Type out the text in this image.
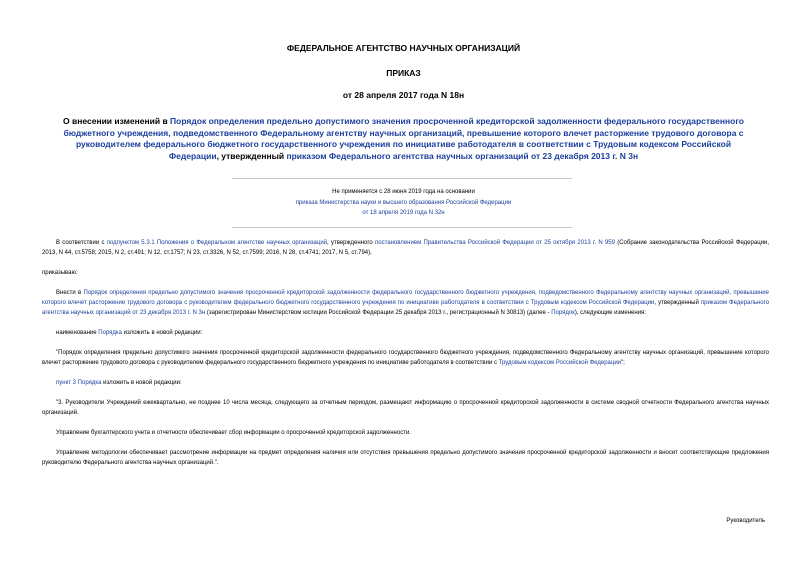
ФЕДЕРАЛЬНОЕ АГЕНТСТВО НАУЧНЫХ ОРГАНИЗАЦИЙ
ПРИКАЗ
от 28 апреля 2017 года N 18н
О внесении изменений в Порядок определения предельно допустимого значения просроченной кредиторской задолженности федерального государственного бюджетного учреждения, подведомственного Федеральному агентству научных организаций, превышение которого влечет расторжение трудового договора с руководителем федерального бюджетного государственного учреждения по инициативе работодателя в соответствии с Трудовым кодексом Российской Федерации, утвержденный приказом Федерального агентства научных организаций от 23 декабря 2013 г. N 3н
Не применяется с 28 июня 2019 года на основании
приказа Министерства науки и высшего образования Российской Федерации
от 18 апреля 2019 года N 32н

В соответствии с подпунктом 5.3.1 Положения о Федеральном агентстве научных организаций, утвержденного постановлением Правительства Российской Федерации от 25 октября 2013 г. N 959 (Собрание законодательства Российской Федерации, 2013, N 44, ст.5758; 2015, N 2, ст.491; N 12, ст.1757; N 23, ст.3326, N 52, ст.7599; 2016, N 28, ст.4741; 2017, N 5, ст.794),

приказываю:

Внести в Порядок определения предельно допустимого значения просроченной кредиторской задолженности федерального государственного бюджетного учреждения, подведомственного Федеральному агентству научных организаций, превышение которого влечет расторжение трудового договора с руководителем федерального бюджетного государственного учреждения по инициативе работодателя в соответствии с Трудовым кодексом Российской Федерации, утвержденный приказом Федерального агентства научных организаций от 23 декабря 2013 г. N 3н (зарегистрирован Министерством юстиции Российской Федерации 25 декабря 2013 г., регистрационный N 30813) (далее - Порядок), следующие изменения:

наименование Порядка изложить в новой редакции:

"Порядок определения предельно допустимого значения просроченной кредиторской задолженности федерального государственного бюджетного учреждения, подведомственного Федеральному агентству научных организаций, превышение которого влечет расторжение трудового договора с руководителем федерального государственного бюджетного учреждения по инициативе работодателя в соответствии с Трудовым кодексом Российской Федерации";

пункт 3 Порядка изложить в новой редакции:

"3. Руководители Учреждений ежеквартально, не позднее 10 числа месяца, следующего за отчетным периодом, размещают информацию о просроченной кредиторской задолженности в системе сводной отчетности Федерального агентства научных организаций.

Управление бухгалтерского учета и отчетности обеспечивает сбор информации о просроченной кредиторской задолженности.

Управление методологии обеспечивает рассмотрение информации на предмет определения наличия или отсутствия превышения предельно допустимого значения просроченной кредиторской задолженности и вносит соответствующие предложения руководителю Федерального агентства научных организаций.".

Руководитель
